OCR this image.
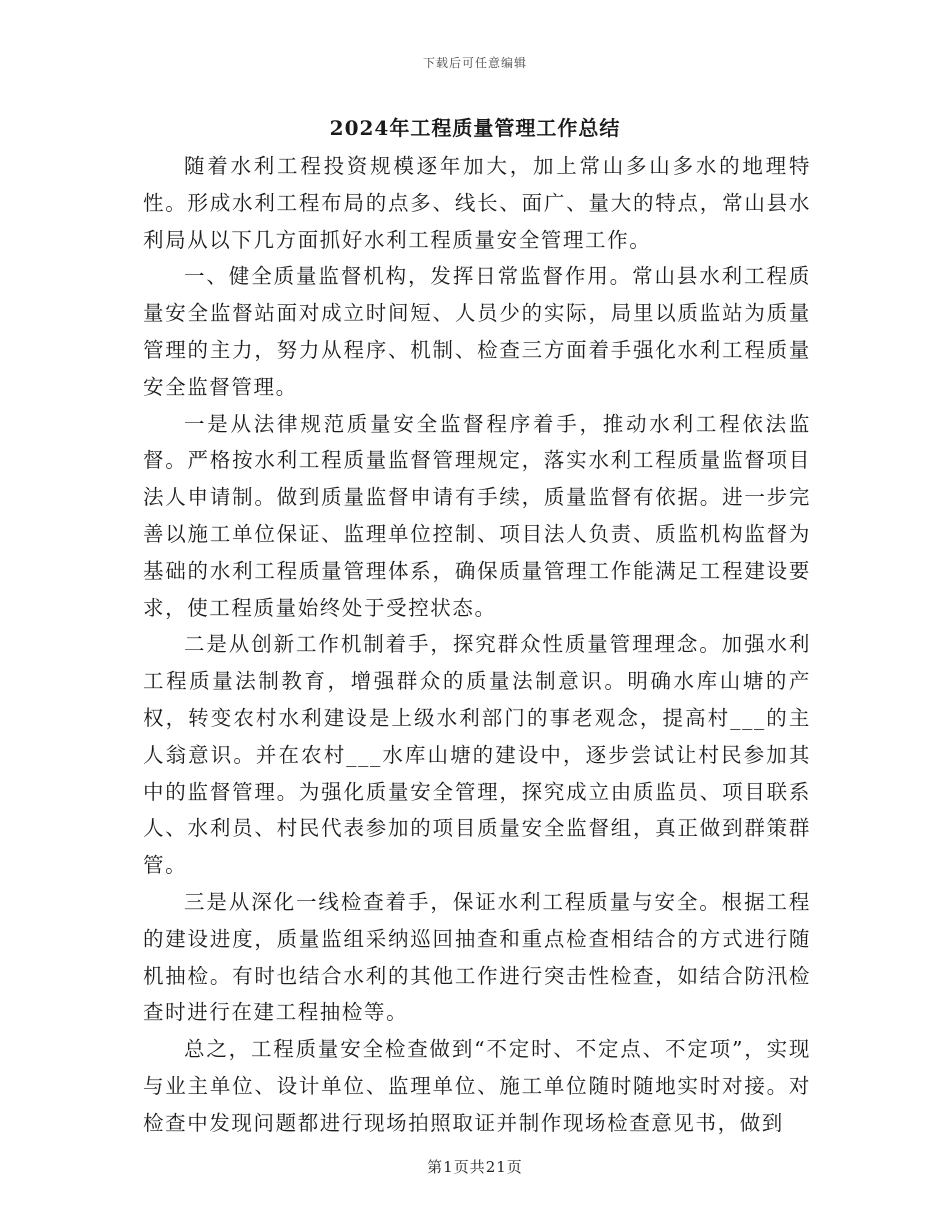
下载后可任意编辑
2024年工程质量管理工作总结

随着水利工程投资规模逐年加大，加上常山多山多水的地理特性。形成水利工程布局的点多、线长、面广、量大的特点，常山县水利局从以下几方面抓好水利工程质量安全管理工作。

一、健全质量监督机构，发挥日常监督作用。常山县水利工程质量安全监督站面对成立时间短、人员少的实际，局里以质监站为质量管理的主力，努力从程序、机制、检查三方面着手强化水利工程质量安全监督管理。

一是从法律规范质量安全监督程序着手，推动水利工程依法监督。严格按水利工程质量监督管理规定，落实水利工程质量监督项目法人申请制。做到质量监督申请有手续，质量监督有依据。进一步完善以施工单位保证、监理单位控制、项目法人负责、质监机构监督为基础的水利工程质量管理体系，确保质量管理工作能满足工程建设要求，使工程质量始终处于受控状态。

二是从创新工作机制着手，探究群众性质量管理理念。加强水利工程质量法制教育，增强群众的质量法制意识。明确水库山塘的产权，转变农村水利建设是上级水利部门的事老观念，提高村___的主人翁意识。并在农村___水库山塘的建设中，逐步尝试让村民参加其中的监督管理。为强化质量安全管理，探究成立由质监员、项目联系人、水利员、村民代表参加的项目质量安全监督组，真正做到群策群管。

三是从深化一线检查着手，保证水利工程质量与安全。根据工程的建设进度，质量监组采纳巡回抽查和重点检查相结合的方式进行随机抽检。有时也结合水利的其他工作进行突击性检查，如结合防汛检查时进行在建工程抽检等。

总之，工程质量安全检查做到“不定时、不定点、不定项”，实现与业主单位、设计单位、监理单位、施工单位随时随地实时对接。对检查中发现问题都进行现场拍照取证并制作现场检查意见书，做到

第1页共21页
